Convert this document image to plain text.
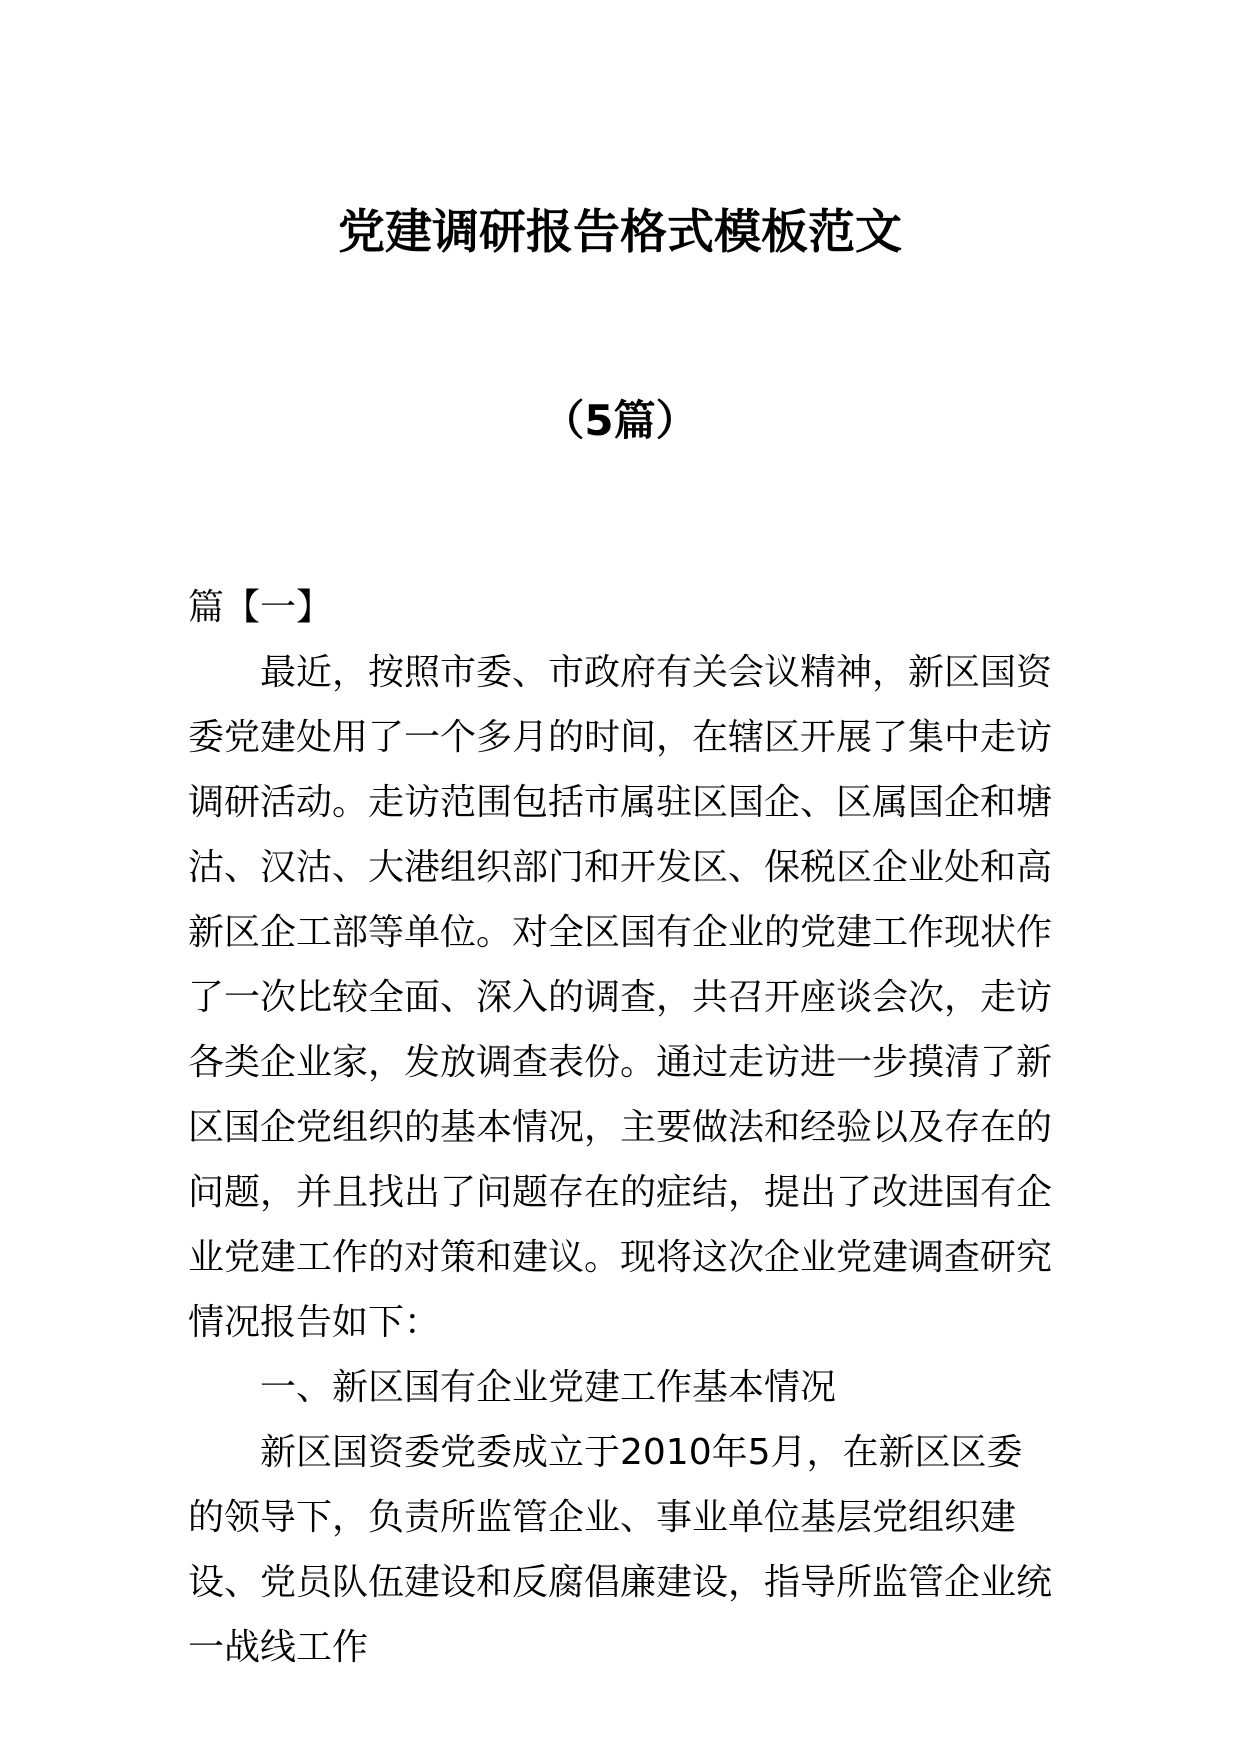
党建调研报告格式模板范文
（5篇）

篇【一】

最近，按照市委、市政府有关会议精神，新区国资委党建处用了一个多月的时间，在辖区开展了集中走访调研活动。走访范围包括市属驻区国企、区属国企和塘沽、汉沽、大港组织部门和开发区、保税区企业处和高新区企工部等单位。对全区国有企业的党建工作现状作了一次比较全面、深入的调查，共召开座谈会次，走访各类企业家，发放调查表份。通过走访进一步摸清了新区国企党组织的基本情况，主要做法和经验以及存在的问题，并且找出了问题存在的症结，提出了改进国有企业党建工作的对策和建议。现将这次企业党建调查研究情况报告如下：

一、新区国有企业党建工作基本情况

新区国资委党委成立于2010年5月，在新区区委的领导下，负责所监管企业、事业单位基层党组织建设、党员队伍建设和反腐倡廉建设，指导所监管企业统一战线工作
